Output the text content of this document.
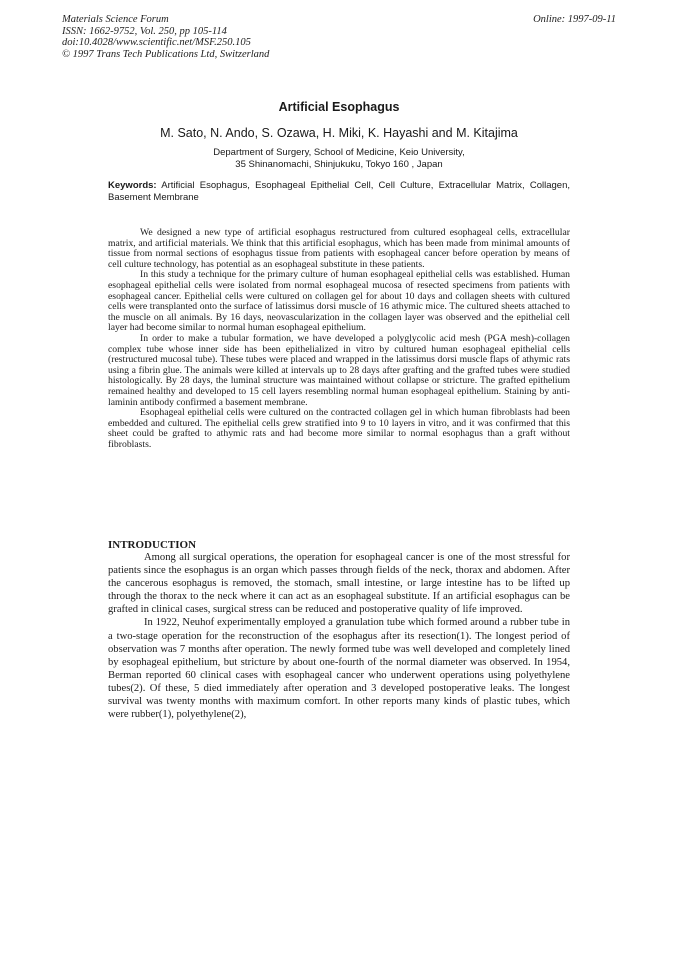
Materials Science Forum
ISSN: 1662-9752, Vol. 250, pp 105-114
doi:10.4028/www.scientific.net/MSF.250.105
© 1997 Trans Tech Publications Ltd, Switzerland
Online: 1997-09-11
Artificial Esophagus
M. Sato, N. Ando, S. Ozawa, H. Miki, K. Hayashi and M. Kitajima
Department of Surgery, School of Medicine, Keio University,
35 Shinanomachi, Shinjukuku, Tokyo 160 , Japan
Keywords: Artificial Esophagus, Esophageal Epithelial Cell, Cell Culture, Extracellular Matrix, Collagen, Basement Membrane

We designed a new type of artificial esophagus restructured from cultured esophageal cells, extracellular matrix, and artificial materials. We think that this artificial esophagus, which has been made from minimal amounts of tissue from normal sections of esophagus tissue from patients with esophageal cancer before operation by means of cell culture technology, has potential as an esophageal substitute in these patients.

In this study a technique for the primary culture of human esophageal epithelial cells was established. Human esophageal epithelial cells were isolated from normal esophageal mucosa of resected specimens from patients with esophageal cancer. Epithelial cells were cultured on collagen gel for about 10 days and collagen sheets with cultured cells were transplanted onto the surface of latissimus dorsi muscle of 16 athymic mice. The cultured sheets attached to the muscle on all animals. By 16 days, neovascularization in the collagen layer was observed and the epithelial cell layer had become similar to normal human esophageal epithelium.

In order to make a tubular formation, we have developed a polyglycolic acid mesh (PGA mesh)-collagen complex tube whose inner side has been epithelialized in vitro by cultured human esophageal epithelial cells (restructured mucosal tube). These tubes were placed and wrapped in the latissimus dorsi muscle flaps of athymic rats using a fibrin glue. The animals were killed at intervals up to 28 days after grafting and the grafted tubes were studied histologically. By 28 days, the luminal structure was maintained without collapse or stricture. The grafted epithelium remained healthy and developed to 15 cell layers resembling normal human esophageal epithelium. Staining by anti-laminin antibody confirmed a basement membrane.

Esophageal epithelial cells were cultured on the contracted collagen gel in which human fibroblasts had been embedded and cultured. The epithelial cells grew stratified into 9 to 10 layers in vitro, and it was confirmed that this sheet could be grafted to athymic rats and had become more similar to normal esophagus than a graft without fibroblasts.

INTRODUCTION

Among all surgical operations, the operation for esophageal cancer is one of the most stressful for patients since the esophagus is an organ which passes through fields of the neck, thorax and abdomen. After the cancerous esophagus is removed, the stomach, small intestine, or large intestine has to be lifted up through the thorax to the neck where it can act as an esophageal substitute. If an artificial esophagus can be grafted in clinical cases, surgical stress can be reduced and postoperative quality of life improved.

In 1922, Neuhof experimentally employed a granulation tube which formed around a rubber tube in a two-stage operation for the reconstruction of the esophagus after its resection(1). The longest period of observation was 7 months after operation. The newly formed tube was well developed and completely lined by esophageal epithelium, but stricture by about one-fourth of the normal diameter was observed. In 1954, Berman reported 60 clinical cases with esophageal cancer who underwent operations using polyethylene tubes(2). Of these, 5 died immediately after operation and 3 developed postoperative leaks. The longest survival was twenty months with maximum comfort. In other reports many kinds of plastic tubes, which were rubber(1), polyethylene(2),
